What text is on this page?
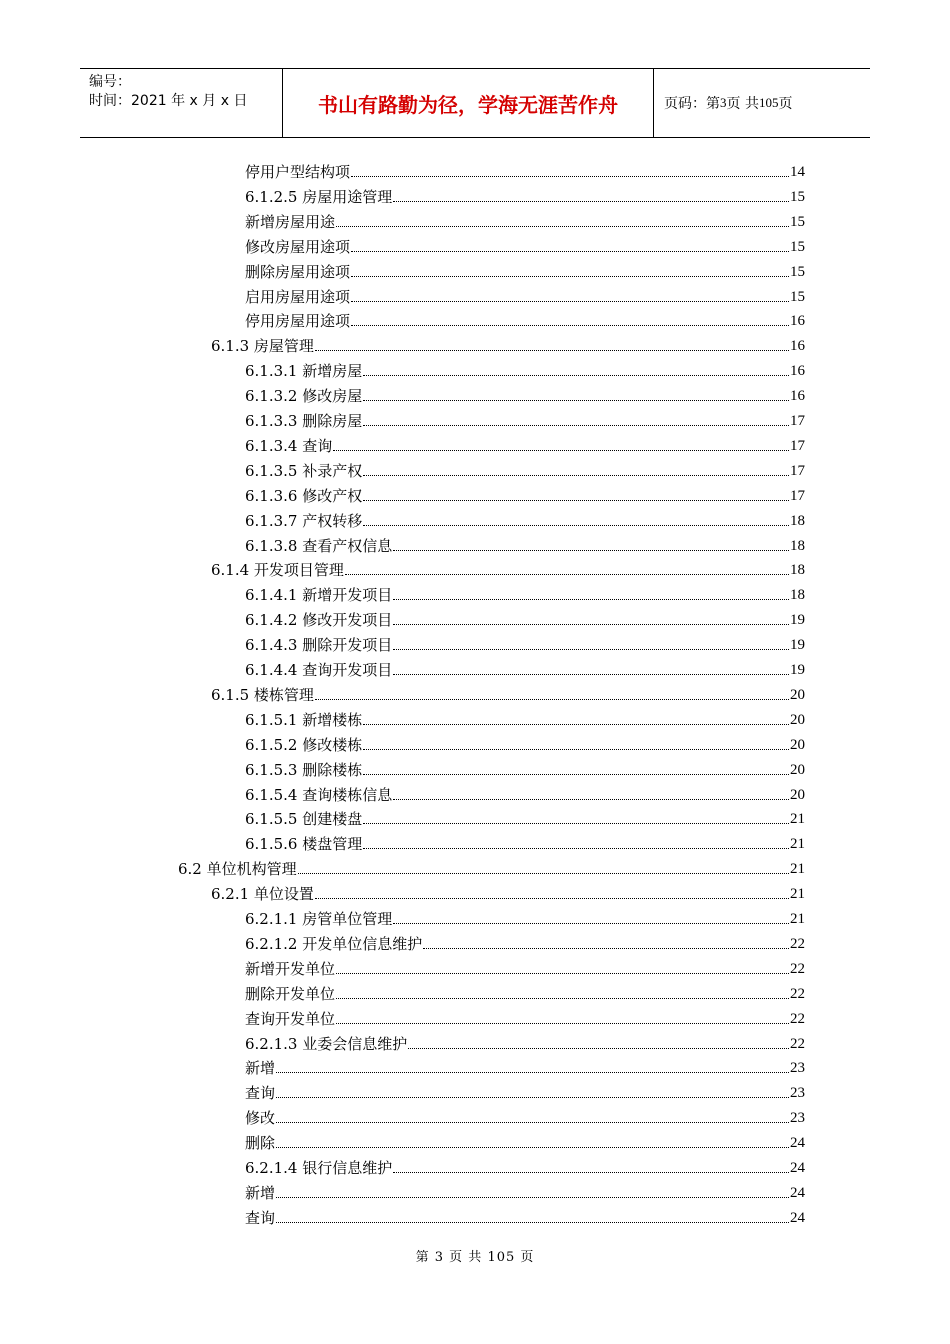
编号：
时间：2021 年 x 月 x 日	书山有路勤为径，学海无涯苦作舟	页码：第 3 页 共 105 页
停用户型结构项	14
6.1.2.5 房屋用途管理	15
新增房屋用途	15
修改房屋用途项	15
删除房屋用途项	15
启用房屋用途项	15
停用房屋用途项	16
6.1.3 房屋管理	16
6.1.3.1 新增房屋	16
6.1.3.2 修改房屋	16
6.1.3.3 删除房屋	17
6.1.3.4 查询	17
6.1.3.5 补录产权	17
6.1.3.6 修改产权	17
6.1.3.7 产权转移	18
6.1.3.8 查看产权信息	18
6.1.4 开发项目管理	18
6.1.4.1 新增开发项目	18
6.1.4.2 修改开发项目	19
6.1.4.3 删除开发项目	19
6.1.4.4 查询开发项目	19
6.1.5 楼栋管理	20
6.1.5.1 新增楼栋	20
6.1.5.2 修改楼栋	20
6.1.5.3 删除楼栋	20
6.1.5.4 查询楼栋信息	20
6.1.5.5 创建楼盘	21
6.1.5.6 楼盘管理	21
6.2 单位机构管理	21
6.2.1 单位设置	21
6.2.1.1 房管单位管理	21
6.2.1.2 开发单位信息维护	22
新增开发单位	22
删除开发单位	22
查询开发单位	22
6.2.1.3 业委会信息维护	22
新增	23
查询	23
修改	23
删除	24
6.2.1.4 银行信息维护	24
新增	24
查询	24
第 3 页 共 105 页
